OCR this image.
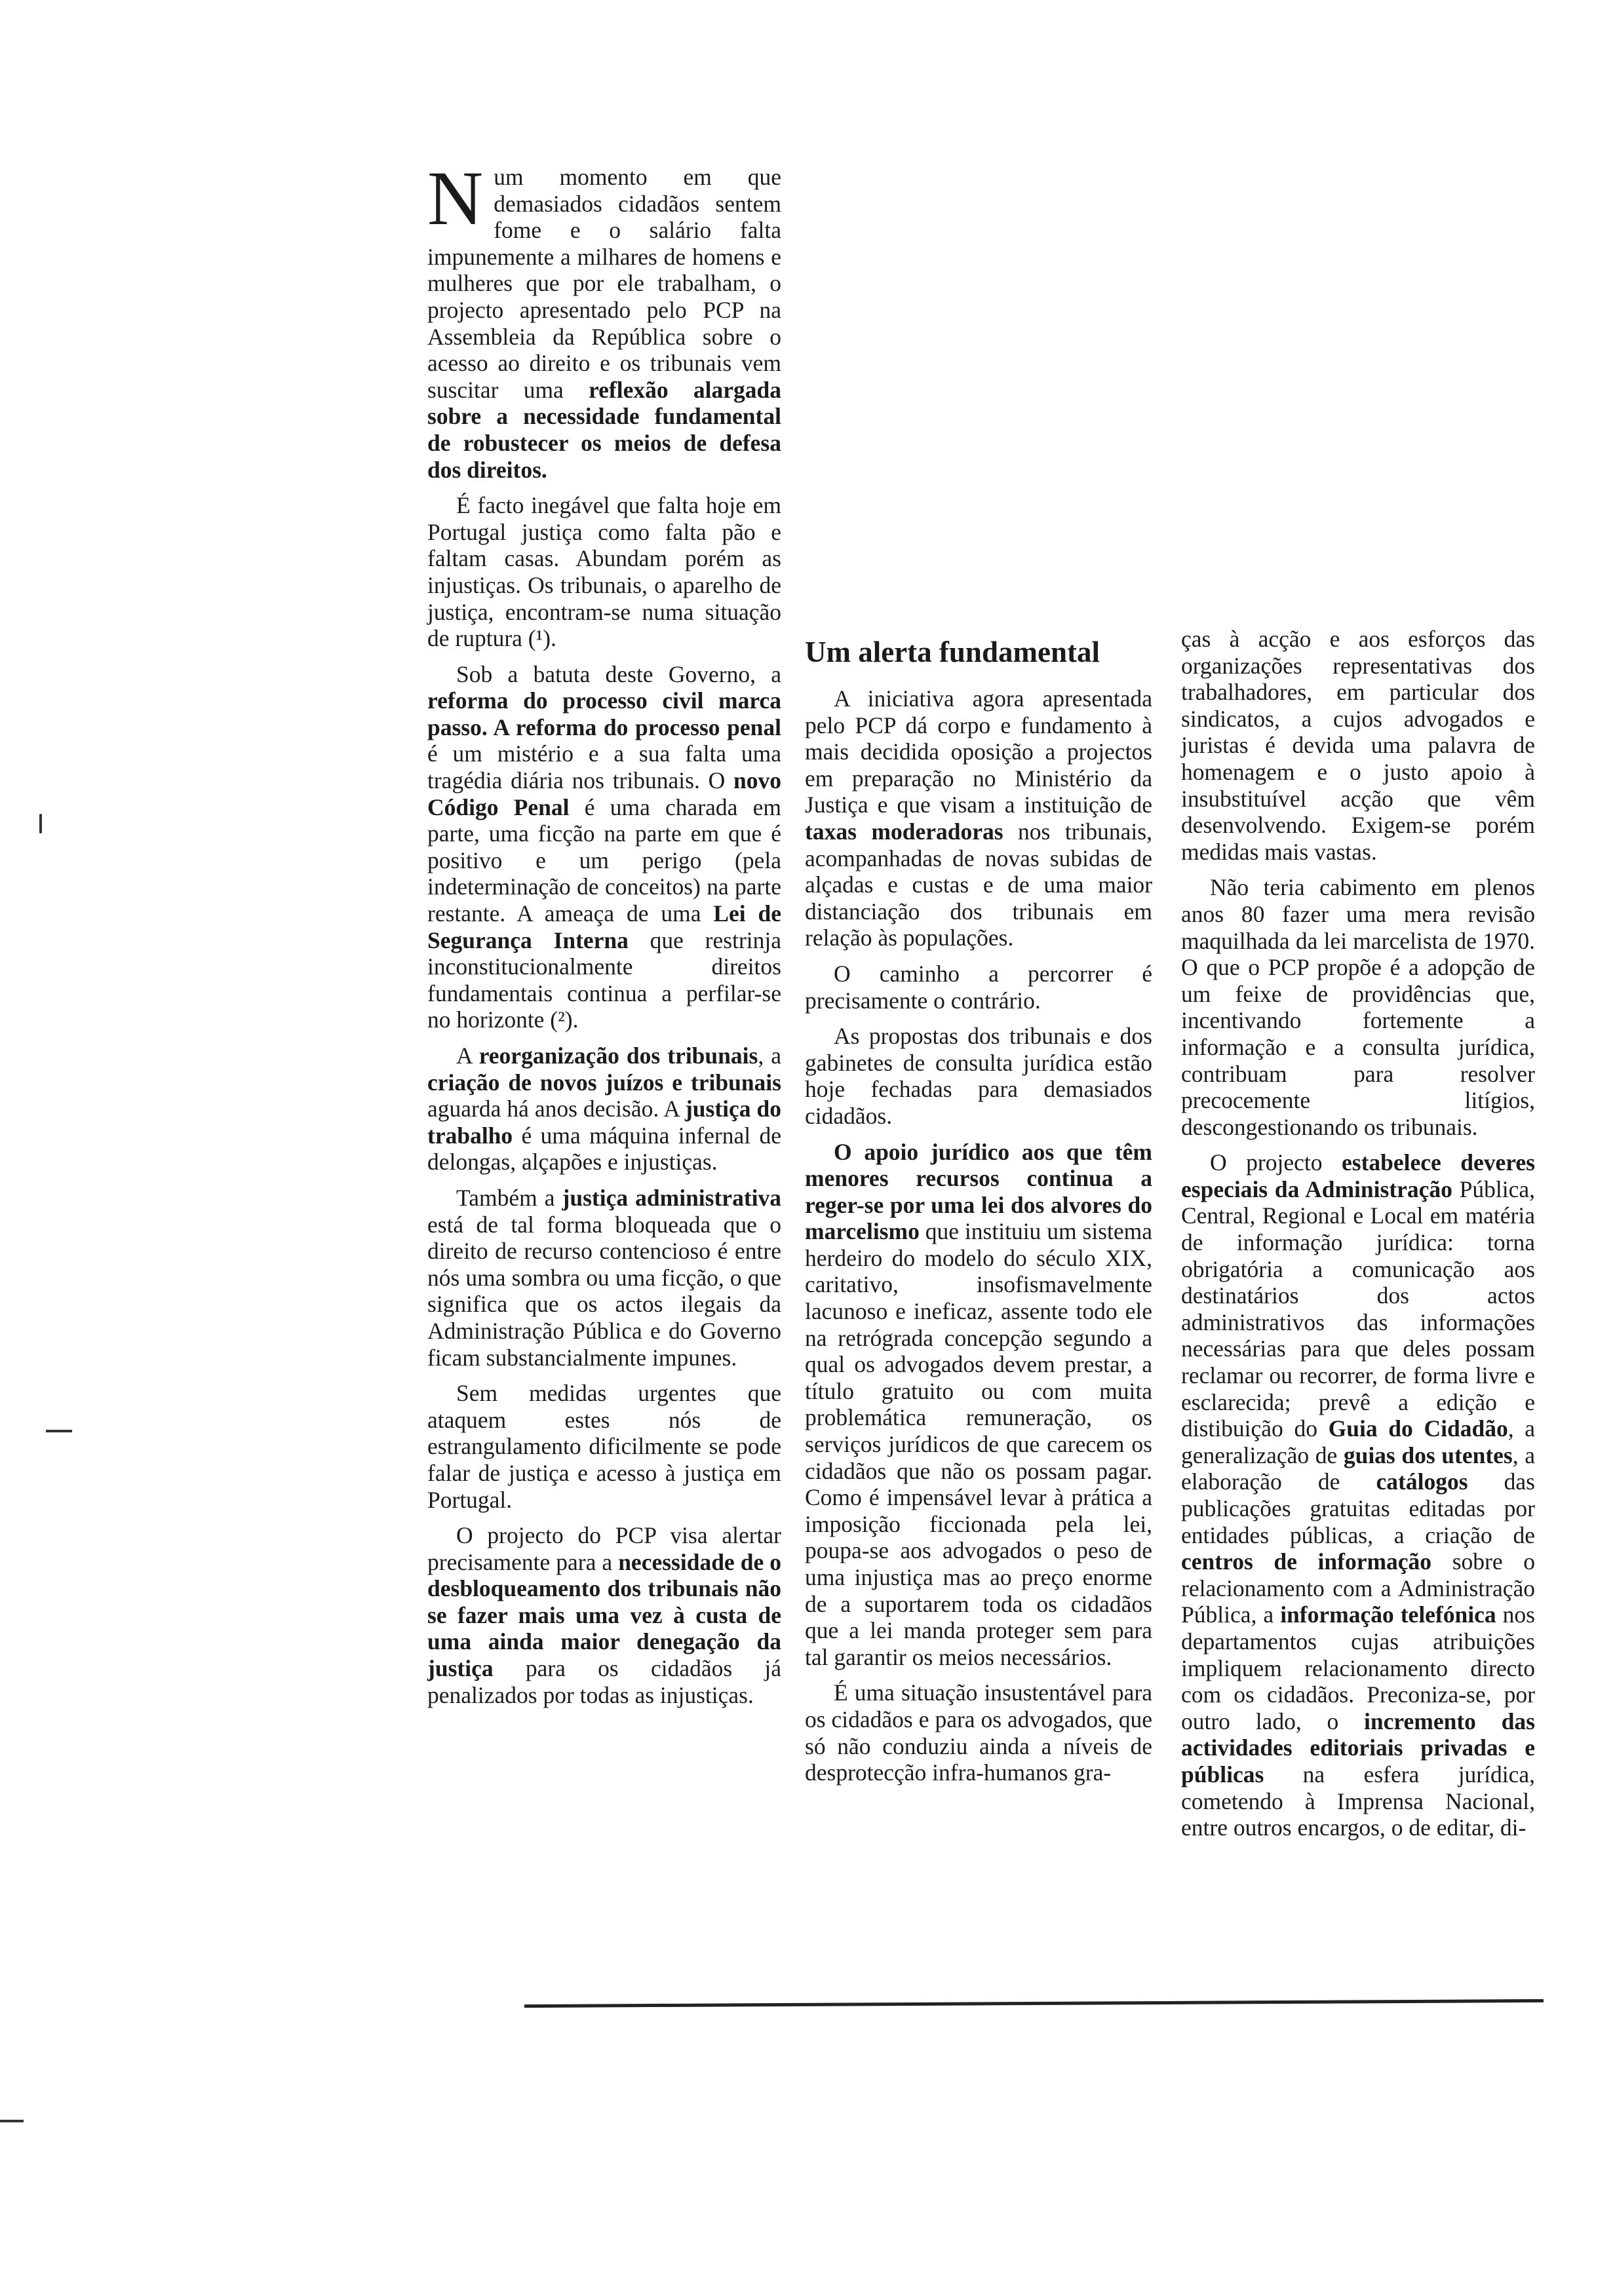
Num momento em que demasiados cidadãos sentem fome e o salário falta impunemente a milhares de homens e mulheres que por ele trabalham, o projecto apresentado pelo PCP na Assembleia da República sobre o acesso ao direito e os tribunais vem suscitar uma reflexão alargada sobre a necessidade fundamental de robustecer os meios de defesa dos direitos.

É facto inegável que falta hoje em Portugal justiça como falta pão e faltam casas. Abundam porém as injustiças. Os tribunais, o aparelho de justiça, encontram-se numa situação de ruptura (¹).

Sob a batuta deste Governo, a reforma do processo civil marca passo. A reforma do processo penal é um mistério e a sua falta uma tragédia diária nos tribunais. O novo Código Penal é uma charada em parte, uma ficção na parte em que é positivo e um perigo (pela indeterminação de conceitos) na parte restante. A ameaça de uma Lei de Segurança Interna que restrinja inconstitucionalmente direitos fundamentais continua a perfilar-se no horizonte (²).

A reorganização dos tribunais, a criação de novos juízos e tribunais aguarda há anos decisão. A justiça do trabalho é uma máquina infernal de delongas, alçapões e injustiças.

Também a justiça administrativa está de tal forma bloqueada que o direito de recurso contencioso é entre nós uma sombra ou uma ficção, o que significa que os actos ilegais da Administração Pública e do Governo ficam substancialmente impunes.

Sem medidas urgentes que ataquem estes nós de estrangulamento dificilmente se pode falar de justiça e acesso à justiça em Portugal.

O projecto do PCP visa alertar precisamente para a necessidade de o desbloqueamento dos tribunais não se fazer mais uma vez à custa de uma ainda maior denegação da justiça para os cidadãos já penalizados por todas as injustiças.

Um alerta fundamental

A iniciativa agora apresentada pelo PCP dá corpo e fundamento à mais decidida oposição a projectos em preparação no Ministério da Justiça e que visam a instituição de taxas moderadoras nos tribunais, acompanhadas de novas subidas de alçadas e custas e de uma maior distanciação dos tribunais em relação às populações.

O caminho a percorrer é precisamente o contrário.

As propostas dos tribunais e dos gabinetes de consulta jurídica estão hoje fechadas para demasiados cidadãos.

O apoio jurídico aos que têm menores recursos continua a reger-se por uma lei dos alvores do marcelismo que instituiu um sistema herdeiro do modelo do século XIX, caritativo, insofismavelmente lacunoso e ineficaz, assente todo ele na retrógrada concepção segundo a qual os advogados devem prestar, a título gratuito ou com muita problemática remuneração, os serviços jurídicos de que carecem os cidadãos que não os possam pagar. Como é impensável levar à prática a imposição ficcionada pela lei, poupa-se aos advogados o peso de uma injustiça mas ao preço enorme de a suportarem toda os cidadãos que a lei manda proteger sem para tal garantir os meios necessários.

É uma situação insustentável para os cidadãos e para os advogados, que só não conduziu ainda a níveis de desprotecção infra-humanos gra-

ças à acção e aos esforços das organizações representativas dos trabalhadores, em particular dos sindicatos, a cujos advogados e juristas é devida uma palavra de homenagem e o justo apoio à insubstituível acção que vêm desenvolvendo. Exigem-se porém medidas mais vastas.

Não teria cabimento em plenos anos 80 fazer uma mera revisão maquilhada da lei marcelista de 1970. O que o PCP propõe é a adopção de um feixe de providências que, incentivando fortemente a informação e a consulta jurídica, contribuam para resolver precocemente litígios, descongestionando os tribunais.

O projecto estabelece deveres especiais da Administração Pública, Central, Regional e Local em matéria de informação jurídica: torna obrigatória a comunicação aos destinatários dos actos administrativos das informações necessárias para que deles possam reclamar ou recorrer, de forma livre e esclarecida; prevê a edição e distibuição do Guia do Cidadão, a generalização de guias dos utentes, a elaboração de catálogos das publicações gratuitas editadas por entidades públicas, a criação de centros de informação sobre o relacionamento com a Administração Pública, a informação telefónica nos departamentos cujas atribuições impliquem relacionamento directo com os cidadãos. Preconiza-se, por outro lado, o incremento das actividades editoriais privadas e públicas na esfera jurídica, cometendo à Imprensa Nacional, entre outros encargos, o de editar, di-
